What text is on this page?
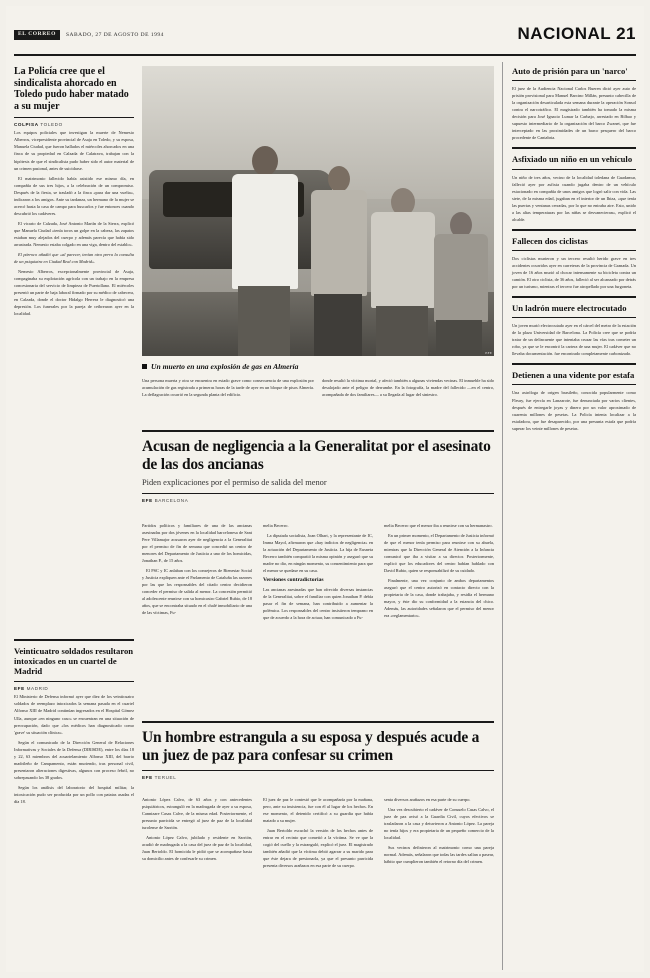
EL CORREO	SABADO, 27 DE AGOSTO DE 1994	NACIONAL 21
La Policía cree que el sindicalista ahorcado en Toledo pudo haber matado a su mujer
COLPISA TOLEDO

Los equipos policiales que investigan la muerte de Nemesio Alberros, vicepresidente provincial de Asaja en Toledo, y su esposa, Manuela Ciudad, que fueron hallados el miércoles ahorcados en una finca de su propiedad en Calzada de Calatrava, trabajan con la hipótesis de que el sindicalista pudo haber sido el autor material de un crimen pasional, antes de suicidarse.

El matrimonio fallecido había asistido ese mismo día, en compañía de sus tres hijos, a la celebración de un compromiso. Después de la fiesta, se trasladó a la finca «para dar una vuelta», indicaron a los amigos. Ante su tardanza, un hermano de la mujer se acercó hasta la casa de campo para buscarlos y fue entonces cuando descubrió los cadáveres.

El vicario de Calzada, José Antonio Martín de la Sierra, explicó que Manuela Ciudad «tenía toros un golpe en la cabeza, las zapatos estaban muy alejados del cuerpo y además parecía que había sido arrastrada. Nemesio estaba colgado en una viga, dentro del establo».

El párroco añadió que «al parecer, tenían otra perra la consulta de un psiquiatra en Ciudad Real con Madrid».

Nemesio Alberros, excepcionalmente provincial de Asaja, compaginaba su explotación agrícola con un trabajo en la empresa concesionaria del servicio de limpieza de Puertollano. El miércoles presentó un parte de baja laboral firmado por su médico de cabecera, en Calzada, donde el doctor Hidalgo Herrera le diagnosticó una depresión. Los funerales por la pareja de ceibrearon ayer en la localidad.

Veinticuatro soldados resultaron intoxicados en un cuartel de Madrid
EFE MADRID

El Ministerio de Defensa informó ayer que diez de los veinticuatro soldados de reemplazo intoxicados la semana pasada en el cuartel Alfonso XIII de Madrid continúan ingresados en el Hospital Gómez Ulla, aunque «en ninguno caso» se encuentran en una situación de preocupación, dado que «los médicos han diagnosticado como 'grave' su situación clínica».

Según el comunicado de la Dirección General de Relaciones Informativas y Sociales de la Defensa (DIRISDE), entre los días 18 y 22, 63 miembros del acuartelamiento Alfonso XIII, del barrio madrileño de Campamento, están muriendo, tras personal civil, presentaron alteraciones digestivas, algunos con proceso febril, no sobrepasando los 38 grados.

Según los análisis del laboratorio del hospital militar, la intoxicación pudo ser producida por un pollo con patatas asadas el día 18.

EFE
Un muerto en una explosión de gas en Almería

Una persona muerta y otra se encuentra en estado grave como consecuencia de una explosión por acumulación de gas registrada a primeras horas de la tarde de ayer en un bloque de pisos Almería. La deflagración ocurrió en la segunda planta del edificio.

donde resultó la víctima mortal, y afectó también a algunas viviendas vecinas. El inmueble ha sido desalojado ante el peligro de derrumbe. En la fotografía, la madre del fallecido —en el centro, acompañada de dos familiares— a su llegada al lugar del siniestro.

Acusan de negligencia a la Generalitat por el asesinato de las dos ancianas
Piden explicaciones por el permiso de salida del menor
EFE BARCELONA

Partidos políticos y familiares de una de las ancianas asesinadas por dos jóvenes en la localidad barcelonesa de Sant Pere Villamajor acusaron ayer de negligencia a la Generalitat por el permiso de fin de semana que concedió un centro de menores del Departamento de Justicia a uno de los homicidas, Jonathan P., de 15 años.

El PSC y IC anlaban con los consejeros de Bienestar Social y Justicia expliquen ante el Parlamento de Cataluña las razones por las que los responsables del citado centro decidieron conceder el permiso de salida al menor. La concesión permitió al adolescente reunirse con su homicastro Gabriel Rubio, de 18 años, que se encontraba situado en el chalé inmobiliario de una de las víctimas, Fu-

melia Becerro.

La diputada socialista, Joan Olhart, y la representante de IC, Imma Mayol, afirmaron que «hay indicios de negligencia» en la actuación del Departamento de Justicia. La hija de Eusneta Becerro también compartió la misma opinión y aseguró que su madre no dio, en ningún momento, su consentimiento para que el menor se quedase en su casa.

Versiones contradictorias

Las ancianas asesinadas que han ofrecido diversas instancias de la Generalitat, sobre el familiar con quien Jonathan P. debía pasar el fin de semana, han contribuido a aumentar la polémica. Los responsables del centro insistieron temprano en que de acuerdo a la hora de actuar, han comunicado a Fu-

melia Becerro que el menor iba a reunirse con su hermanastro.

En un primer momento, el Departamento de Justicia informó de que el menor tenía permiso para reunirse con su abuela, mientras que la Dirección General de Atención a la Infancia comunicó que iba a visitar a su director. Posteriormente, explicó que los educadores del centro habían hablado con David Rubio, quien se responsabilizó de su cuidado.

Finalmente, una vez conjunto de ambos departamentos aseguró que el centro autorizó en contacto directo con la propietaria de la casa, donde trabajaba, y residía el hermano mayor, y éste dio su conformidad a la estancia del chico. Además, las autoridades señalaron que el permiso del menor era «reglamentario».

Un hombre estrangula a su esposa y después acude a un juez de paz para confesar su crimen
EFE TERUEL

Antonio López Calvo, de 63 años y con antecedentes psiquiátricos, estranguló en la madrugada de ayer a su esposa, Cannizare Casas Calve, de la misma edad. Posteriormente, el presunto parricida se entregó al juez de paz de la localidad turolense de Sarrión.

Antonio López Calvo, jubilado y residente en Sarrión, acudió de madrugada a la casa del juez de paz de la localidad, Juan Bertoldo. El homicida le pidió que se acompañase hasta su domicilio antes de confesarle su crimen.

El juez de paz le contestó que le acompañaría por la mañana, pero, ante su insistencia, fue con él al lugar de los hechos. En ese momento, el detenido certificó a su guardia que había matado a su mujer.

Juan Bertoldo escuchó la versión de los hechos antes de entrar en el recinto que cometió a la víctima. Se ve que la cogió del cuello y la estranguló, explicó el juez. El magistrado también añadió que la víctima debió agarrar a su marido para que éste dejara de presionarla, ya que el presunto parricida presenta diversos arañazos en esa parte de su cuerpo.

senta diversos arañazos en esa parte de su cuerpo.

Una vez descubierto el cadáver de Consuelo Casas Calvo, el juez de paz avisó a la Guardia Civil, cuyos efectivos se trasladaron a la casa y detuvieron a Antonio López. La pareja no tenía hijos y era propietaria de un pequeño comercio de la localidad.

Sus vecinos definieron al matrimonio como una pareja normal. Además, señalaron que todas las tardes salían a pasear, hábito que cumplieron también el retorno día del crimen.

Auto de prisión para un 'narco'

El juez de la Audiencia Nacional Carlos Bueren dictó ayer auto de prisión provisional para Manuel Barcino Millán, presunto cabecilla de la organización desarticulada esta semana durante la operación Sonsol contra el narcotráfico. El magistrado también ha tomado la misma decisión para José Ignacio Lumar la Carbajo, arrestado en Bilbao y supuesto intermediario de la organización del barco Zwanet, que fue interceptado en las proximidades de un barco pesquero del barco procedente de Cantabria.

Asfixiado un niño en un vehículo

Un niño de tres años, vecino de la localidad toledana de Guadamur, falleció ayer por asfixia cuando jugaba dentro de un vehículo estacionado en compañía de unos amigos que logró salir con vida. Las siete, de la misma edad, jugaban en el interior de un Ibiza, «que tenía las puertas y ventanas cerradas, por lo que no entraba aire. Esto, unido a las altas temperaturas por las niñas se desvanecieran», explicó el alcalde.

Fallecen dos ciclistas

Dos ciclistas murieron y un tercero resultó herido grave en tres accidentes ocurridos ayer en carreteras de la provincia de Granada. Un joven de 16 años murió al chocar intensamente su bicicleta contra un camión. El otro ciclista, de 36 años, falleció al ser alcanzado por detrás por un turismo, mientras el tercero fue atropellado por una furgoneta.

Un ladrón muere electrocutado

Un joven murió electrocutado ayer en el cárcel del metro de la estación de la plaza Universidad de Barcelona. La Policía cree que se podría tratar de un delincuente que intentaba cruzar las vías tras cometer un robo, ya que se le encontró la cartera de una mujer. El cadáver que no llevaba documentación. fue encontrado completamente carbonizado.

Detienen a una vidente por estafa

Una astróloga de origen brasileño, conocida popularmente como Fleury, fue ejercía en Lanzarote, fue denunciada por varios clientes, después de entregarle joyas y dinero por un valor aproximado de cuarenta millones de pesetas. La Policía intenta localizar a la estafadora, que fue desaparecido, por una presunta estafa que podría superar los veinte millones de pesetas.
